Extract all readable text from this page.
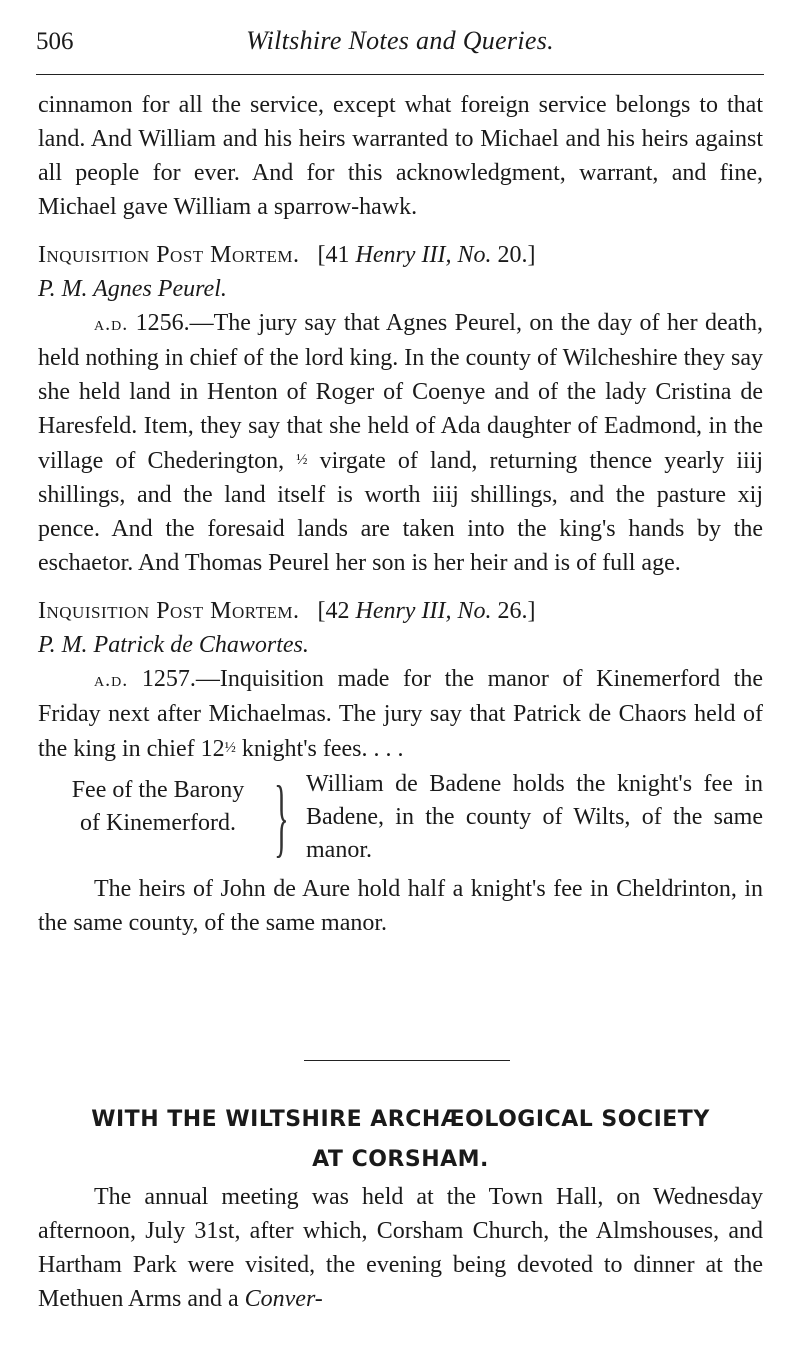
506	Wiltshire Notes and Queries.

cinnamon for all the service, except what foreign service belongs to that land. And William and his heirs warranted to Michael and his heirs against all people for ever. And for this acknowledgment, warrant, and fine, Michael gave William a sparrow-hawk.

Inquisition Post Mortem. [41 Henry III, No. 20.]

P. M. Agnes Peurel.

a.d. 1256.—The jury say that Agnes Peurel, on the day of her death, held nothing in chief of the lord king. In the county of Wilcheshire they say she held land in Henton of Roger of Coenye and of the lady Cristina de Haresfeld. Item, they say that she held of Ada daughter of Eadmond, in the village of Chederington, ½ virgate of land, returning thence yearly iiij shillings, and the land itself is worth iiij shillings, and the pasture xij pence. And the foresaid lands are taken into the king's hands by the eschaetor. And Thomas Peurel her son is her heir and is of full age.

Inquisition Post Mortem. [42 Henry III, No. 26.]

P. M. Patrick de Chawortes.

a.d. 1257.—Inquisition made for the manor of Kinemerford the Friday next after Michaelmas. The jury say that Patrick de Chaors held of the king in chief 12½ knight's fees. . . .

Fee of the Barony
of Kinemerford. } William de Badene holds the knight's fee in Badene, in the county of Wilts, of the same manor.

The heirs of John de Aure hold half a knight's fee in Cheldrinton, in the same county, of the same manor.

WITH THE WILTSHIRE ARCHÆOLOGICAL SOCIETY
AT CORSHAM.

The annual meeting was held at the Town Hall, on Wednesday afternoon, July 31st, after which, Corsham Church, the Almshouses, and Hartham Park were visited, the evening being devoted to dinner at the Methuen Arms and a Conver-
